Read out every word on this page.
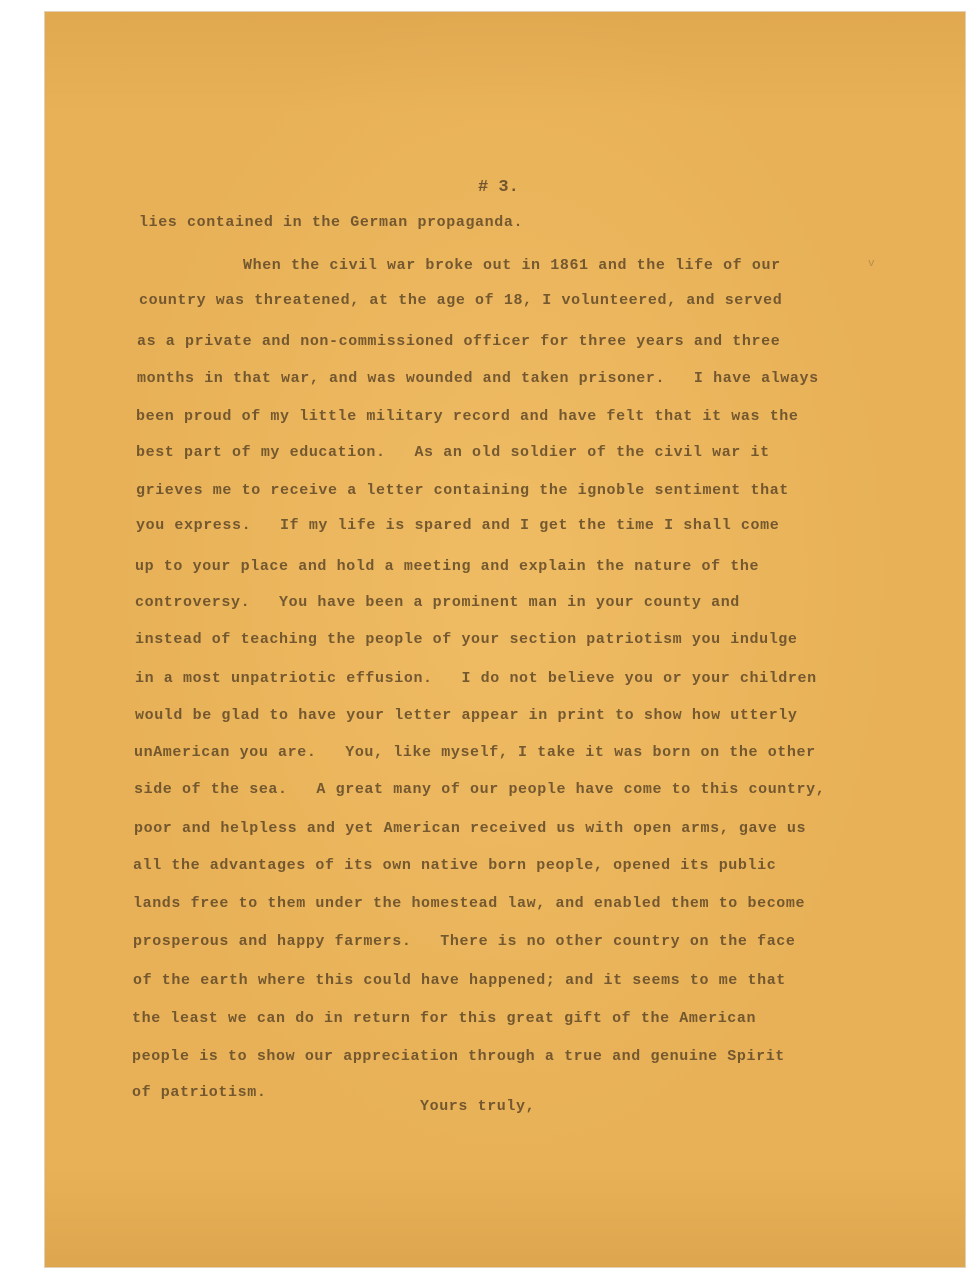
# 3.
v
lies contained in the German propaganda.
When the civil war broke out in 1861 and the life of our
country was threatened, at the age of 18, I volunteered, and served
as a private and non-commissioned officer for three years and three
months in that war, and was wounded and taken prisoner.   I have always
been proud of my little military record and have felt that it was the
best part of my education.   As an old soldier of the civil war it
grieves me to receive a letter containing the ignoble sentiment that
you express.   If my life is spared and I get the time I shall come
up to your place and hold a meeting and explain the nature of the
controversy.   You have been a prominent man in your county and
instead of teaching the people of your section patriotism you indulge
in a most unpatriotic effusion.   I do not believe you or your children
would be glad to have your letter appear in print to show how utterly
unAmerican you are.   You, like myself, I take it was born on the other
side of the sea.   A great many of our people have come to this country,
poor and helpless and yet American received us with open arms, gave us
all the advantages of its own native born people, opened its public
lands free to them under the homestead law, and enabled them to become
prosperous and happy farmers.   There is no other country on the face
of the earth where this could have happened; and it seems to me that
the least we can do in return for this great gift of the American
people is to show our appreciation through a true and genuine Spirit
of patriotism.
Yours truly,
